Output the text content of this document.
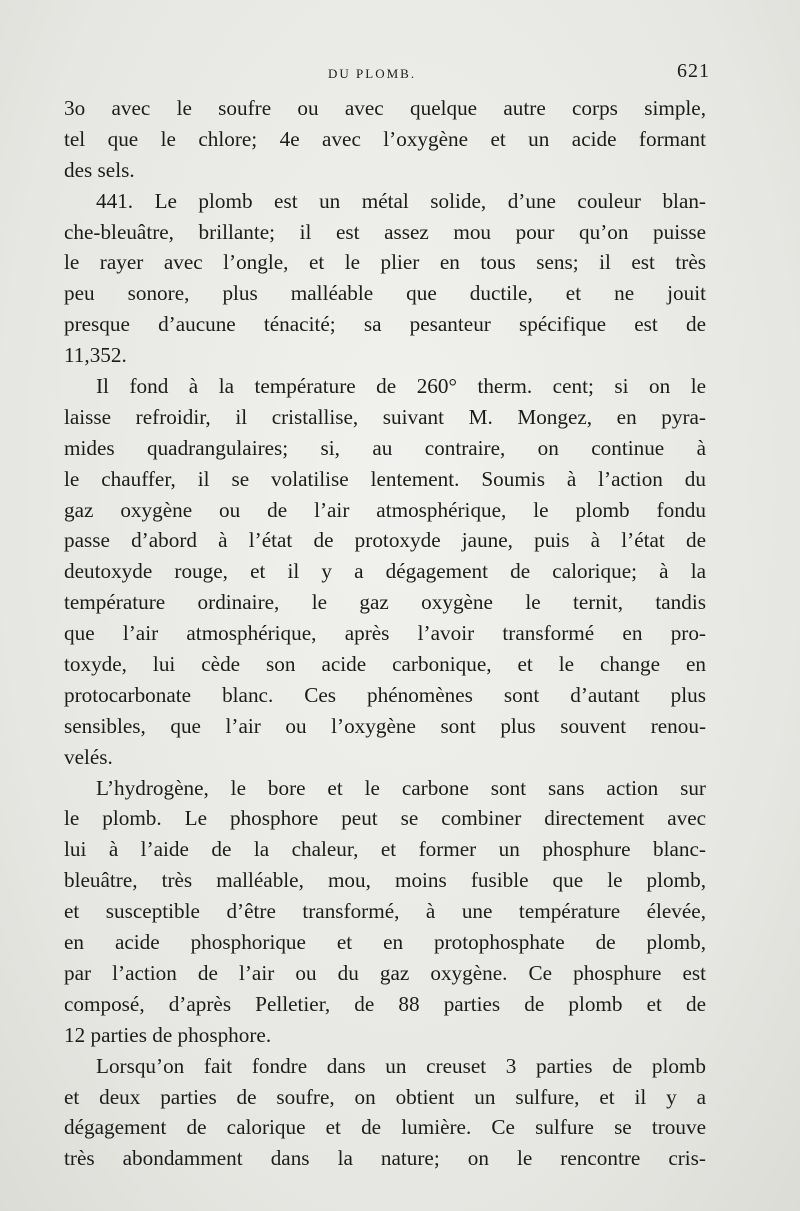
DU PLOMB.	621
3o avec le soufre ou avec quelque autre corps simple,
tel que le chlore; 4e avec l’oxygène et un acide formant
des sels.
441. Le plomb est un métal solide, d’une couleur blan-
che-bleuâtre, brillante; il est assez mou pour qu’on puisse
le rayer avec l’ongle, et le plier en tous sens; il est très
peu sonore, plus malléable que ductile, et ne jouit
presque d’aucune ténacité; sa pesanteur spécifique est de
11,352.
Il fond à la température de 260° therm. cent; si on le
laisse refroidir, il cristallise, suivant M. Mongez, en pyra-
mides quadrangulaires; si, au contraire, on continue à
le chauffer, il se volatilise lentement. Soumis à l’action du
gaz oxygène ou de l’air atmosphérique, le plomb fondu
passe d’abord à l’état de protoxyde jaune, puis à l’état de
deutoxyde rouge, et il y a dégagement de calorique; à la
température ordinaire, le gaz oxygène le ternit, tandis
que l’air atmosphérique, après l’avoir transformé en pro-
toxyde, lui cède son acide carbonique, et le change en
protocarbonate blanc. Ces phénomènes sont d’autant plus
sensibles, que l’air ou l’oxygène sont plus souvent renou-
velés.
L’hydrogène, le bore et le carbone sont sans action sur
le plomb. Le phosphore peut se combiner directement avec
lui à l’aide de la chaleur, et former un phosphure blanc-
bleuâtre, très malléable, mou, moins fusible que le plomb,
et susceptible d’être transformé, à une température élevée,
en acide phosphorique et en protophosphate de plomb,
par l’action de l’air ou du gaz oxygène. Ce phosphure est
composé, d’après Pelletier, de 88 parties de plomb et de
12 parties de phosphore.
Lorsqu’on fait fondre dans un creuset 3 parties de plomb
et deux parties de soufre, on obtient un sulfure, et il y a
dégagement de calorique et de lumière. Ce sulfure se trouve
très abondamment dans la nature; on le rencontre cris-
